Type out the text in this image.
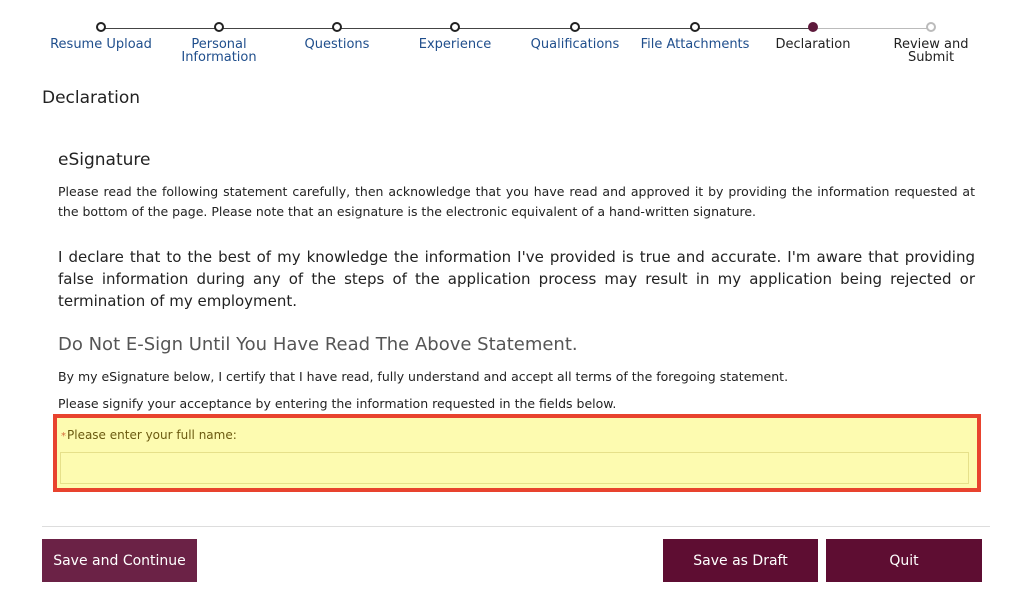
Resume Upload	Personal Information
Questions	Experience	Qualifications	File Attachments	Declaration	Review and Submit
Declaration
eSignature
Please read the following statement carefully, then acknowledge that you have read and approved it by providing the information requested at the bottom of the page. Please note that an esignature is the electronic equivalent of a hand-written signature.
I declare that to the best of my knowledge the information I've provided is true and accurate. I'm aware that providing false information during any of the steps of the application process may result in my application being rejected or termination of my employment.
Do Not E-Sign Until You Have Read The Above Statement.
By my eSignature below, I certify that I have read, fully understand and accept all terms of the foregoing statement.
Please signify your acceptance by entering the information requested in the fields below.
*Please enter your full name:
Save and Continue	Save as Draft	Quit
